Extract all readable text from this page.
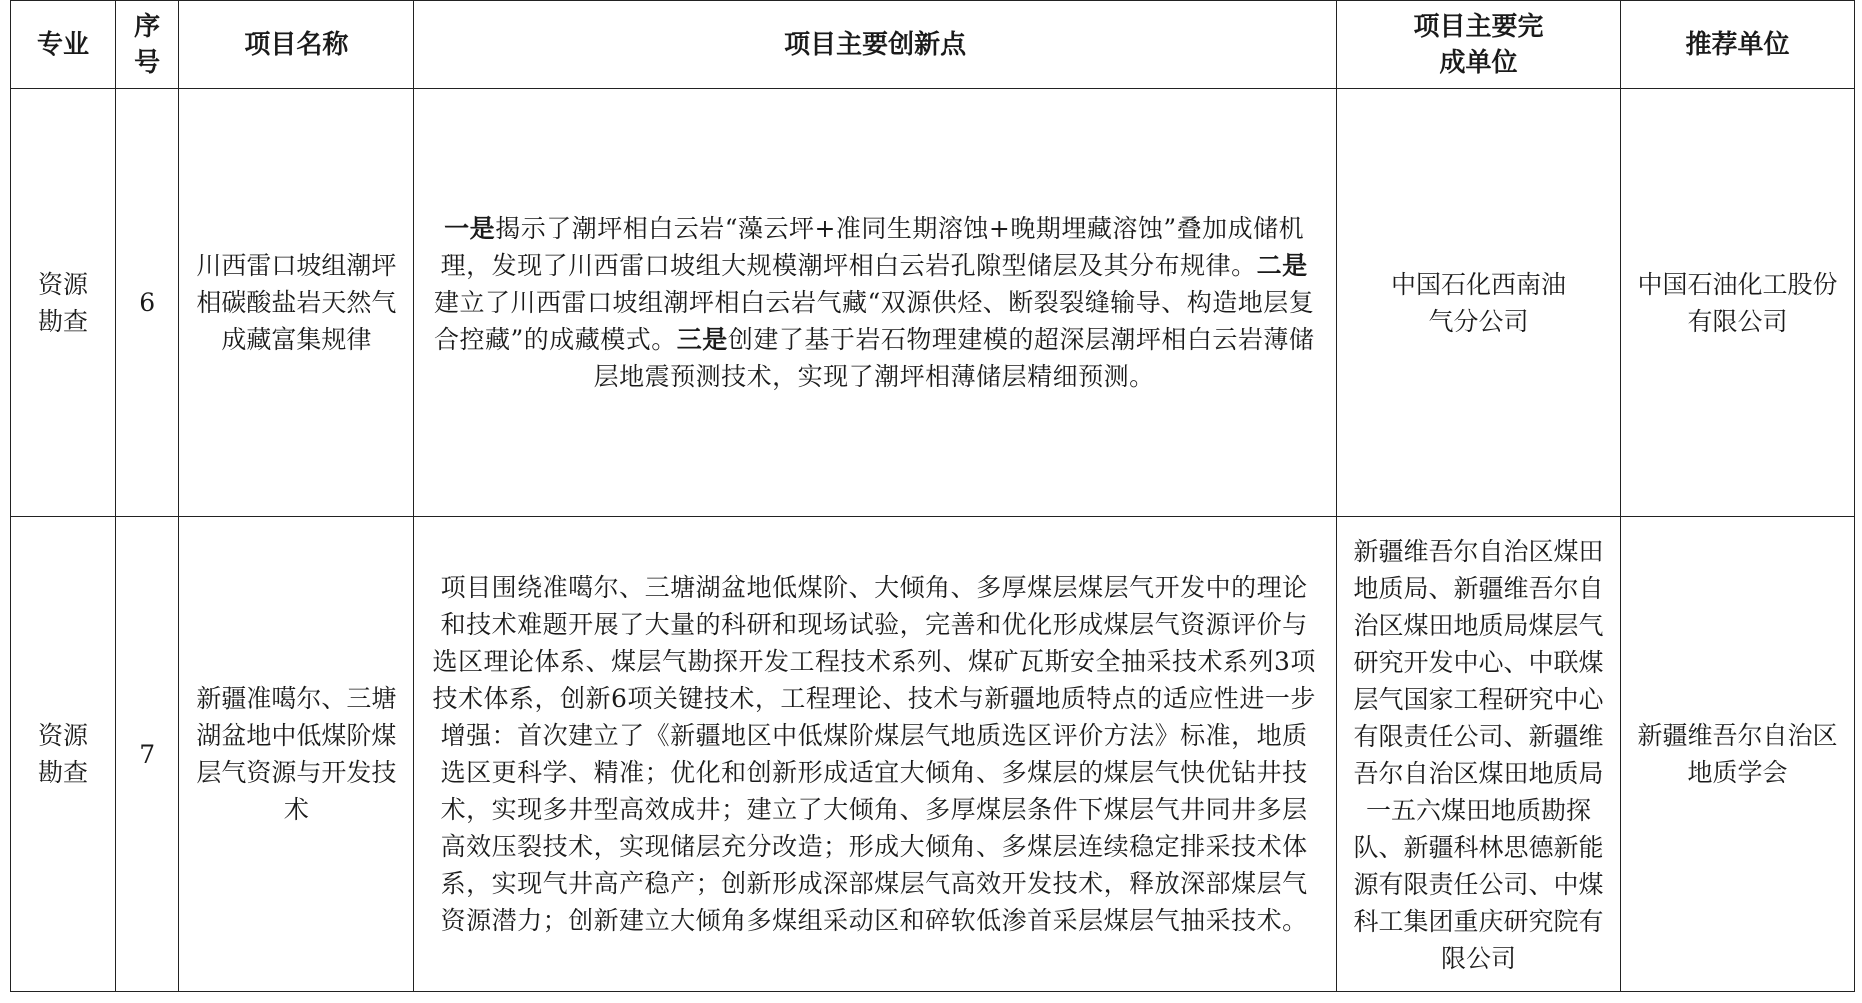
专业	序号	项目名称	项目主要创新点	项目主要完成单位	推荐单位

资源勘查	6	川西雷口坡组潮坪相碳酸盐岩天然气成藏富集规律	一是揭示了潮坪相白云岩“藻云坪+准同生期溶蚀+晚期埋藏溶蚀”叠加成储机理，发现了川西雷口坡组大规模潮坪相白云岩孔隙型储层及其分布规律。二是建立了川西雷口坡组潮坪相白云岩气藏“双源供烃、断裂裂缝输导、构造地层复合控藏”的成藏模式。三是创建了基于岩石物理建模的超深层潮坪相白云岩薄储层地震预测技术，实现了潮坪相薄储层精细预测。	中国石化西南油气分公司	中国石油化工股份有限公司

资源勘查	7	新疆准噶尔、三塘湖盆地中低煤阶煤层气资源与开发技术	项目围绕准噶尔、三塘湖盆地低煤阶、大倾角、多厚煤层煤层气开发中的理论和技术难题开展了大量的科研和现场试验，完善和优化形成煤层气资源评价与选区理论体系、煤层气勘探开发工程技术系列、煤矿瓦斯安全抽采技术系列3项技术体系，创新6项关键技术，工程理论、技术与新疆地质特点的适应性进一步增强：首次建立了《新疆地区中低煤阶煤层气地质选区评价方法》标准，地质选区更科学、精准；优化和创新形成适宜大倾角、多煤层的煤层气快优钻井技术，实现多井型高效成井；建立了大倾角、多厚煤层条件下煤层气井同井多层高效压裂技术，实现储层充分改造；形成大倾角、多煤层连续稳定排采技术体系，实现气井高产稳产；创新形成深部煤层气高效开发技术，释放深部煤层气资源潜力；创新建立大倾角多煤组采动区和碎软低渗首采层煤层气抽采技术。	新疆维吾尔自治区煤田地质局、新疆维吾尔自治区煤田地质局煤层气研究开发中心、中联煤层气国家工程研究中心有限责任公司、新疆维吾尔自治区煤田地质局一五六煤田地质勘探队、新疆科林思德新能源有限责任公司、中煤科工集团重庆研究院有限公司	新疆维吾尔自治区地质学会
